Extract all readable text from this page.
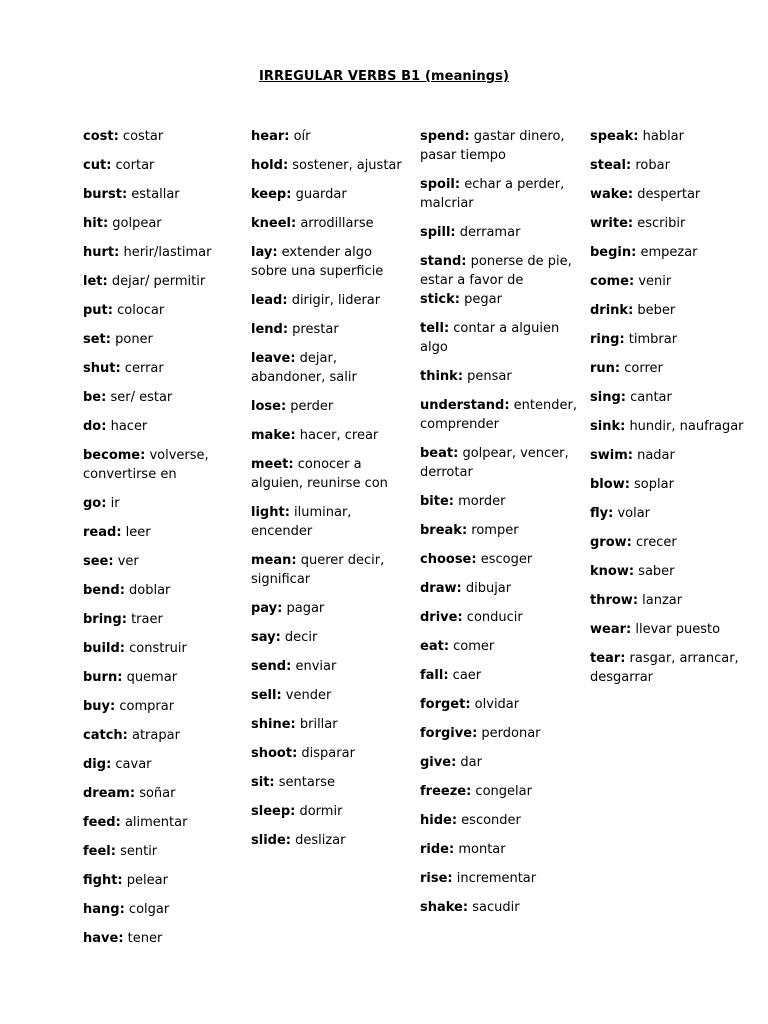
IRREGULAR VERBS B1 (meanings)
cost: costar
cut: cortar
burst: estallar
hit: golpear
hurt: herir/lastimar
let: dejar/ permitir
put: colocar
set: poner
shut: cerrar
be: ser/ estar
do: hacer
become: volverse, convertirse en
go: ir
read: leer
see: ver
bend: doblar
bring: traer
build: construir
burn: quemar
buy: comprar
catch: atrapar
dig: cavar
dream: soñar
feed: alimentar
feel: sentir
fight: pelear
hang: colgar
have: tener
hear: oír
hold: sostener, ajustar
keep: guardar
kneel: arrodillarse
lay: extender algo sobre una superficie
lead: dirigir, liderar
lend: prestar
leave: dejar, abandoner, salir
lose: perder
make: hacer, crear
meet: conocer a alguien, reunirse con
light: iluminar, encender
mean: querer decir, significar
pay: pagar
say: decir
send: enviar
sell: vender
shine: brillar
shoot: disparar
sit: sentarse
sleep: dormir
slide: deslizar
spend: gastar dinero, pasar tiempo
spoil: echar a perder, malcriar
spill: derramar
stand: ponerse de pie, estar a favor de
stick: pegar
tell: contar a alguien algo
think: pensar
understand: entender, comprender
beat: golpear, vencer, derrotar
bite: morder
break: romper
choose: escoger
draw: dibujar
drive: conducir
eat: comer
fall: caer
forget: olvidar
forgive: perdonar
give: dar
freeze: congelar
hide: esconder
ride: montar
rise: incrementar
shake: sacudir
speak: hablar
steal: robar
wake: despertar
write: escribir
begin: empezar
come: venir
drink: beber
ring: timbrar
run: correr
sing: cantar
sink: hundir, naufragar
swim: nadar
blow: soplar
fly: volar
grow: crecer
know: saber
throw: lanzar
wear: llevar puesto
tear: rasgar, arrancar, desgarrar
